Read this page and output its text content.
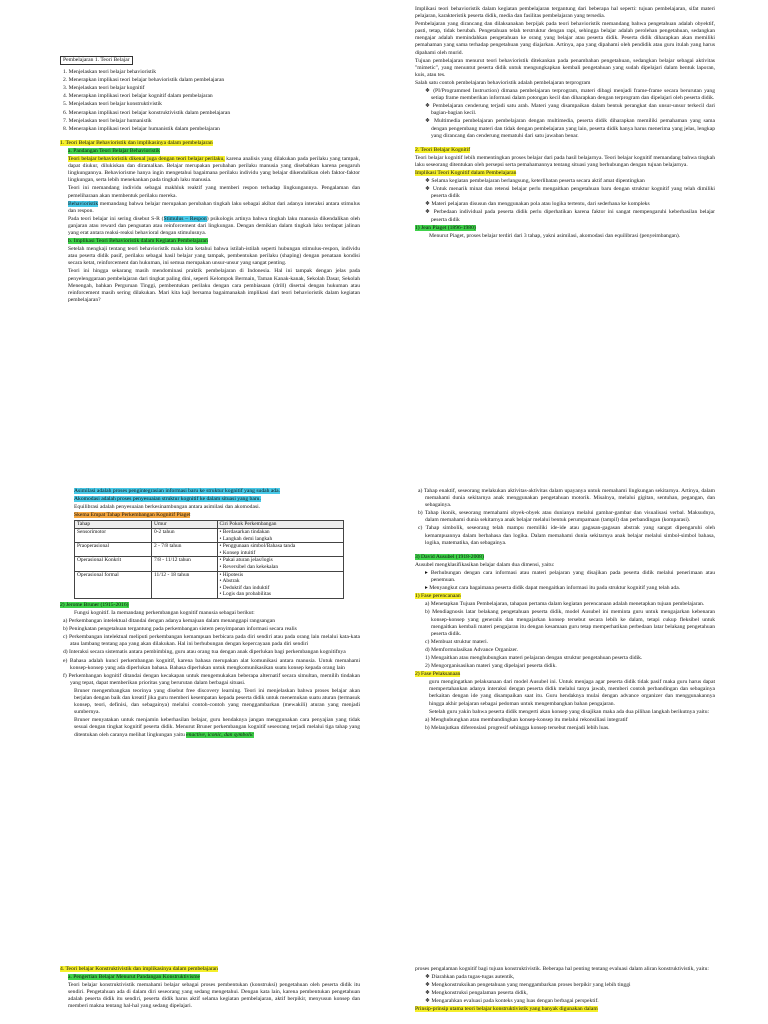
Pembelajaran 1. Teori Belajar

1. Menjelaskan teori belajar behavioristik

2. Menerapkan implikasi teori belajar behavioristik dalam pembelajaran

3. Menjelaskan teori belajar kognitif

4. Menerapkan implikasi teori belajar kognitif dalam pembelajaran

5. Menjelaskan teori belajar konstruktivistik

6. Menerapkan implikasi teori belajar konstruktivistik dalam pembelajaran

7. Menjelaskan teori belajar humanistik

8. Menerapkan implikasi teori belajar humanistik dalam pembelajaran

1. Teori Belajar Behavioristik dan implikasinya dalam pembelajaran

a. Pandangan Teori Belajar Behavioristik

Teori belajar behavioristik dikenal juga dengan teori belajar perilaku, karena analisis yang dilakukan pada perilaku yang tampak, dapat diukur, dilukiskan dan diramalkan. Belajar merupakan perubahan perilaku manusia yang disebabkan karena pengaruh lingkungannya. Behaviorisme hanya ingin mengetahui bagaimana perilaku individu yang belajar dikendalikan oleh faktor-faktor lingkungan, serta lebih menekankan pada tingkah laku manusia.

Teori ini memandang individu sebagai makhluk reaktif yang memberi respon terhadap lingkungannya. Pengalaman dan pemeliharaan akan membentuk perilaku mereka.

Behavioristik memandang bahwa belajar merupakan perubahan tingkah laku sebagai akibat dari adanya interaksi antara stimulus dan respon.

Pada teori belajar ini sering disebut S-R (Stimulus – Respon) psikologis artinya bahwa tingkah laku manusia dikendalikan oleh ganjaran atau reward dan penguatan atau reinforcement dari lingkungan. Dengan demikian dalam tingkah laku terdapat jalinan yang erat antara reaksi-reaksi behavioral dengan stimulusnya.

b. Implikasi Teori Behavioristik dalam Kegiatan Pembelajaran

Setelah mengkaji tentang teori behavioristik maka kita ketahui bahwa istilah-istilah seperti hubungan stimulus-respon, individu atau peserta didik pasif, perilaku sebagai hasil belajar yang tampak, pembentukan perilaku (shaping) dengan penataan kondisi secara ketat, reinforcement dan hukuman, ini semua merupakan unsur-unsur yang sangat penting.

Teori ini hingga sekarang masih mendominasi praktik pembelajaran di Indonesia. Hal ini tampak dengan jelas pada penyelenggaraan pembelajaran dari tingkat paling dini, seperti Kelompok Bermain, Taman Kanak-kanak, Sekolah Dasar, Sekolah Menengah, bahkan Perguruan Tinggi, pembentukan perilaku dengan cara pembiasaan (drill) disertai dengan hukuman atau reinforcement masih sering dilakukan. Mari kita kaji bersama bagaimanakah implikasi dari teori behavioristik dalam kegiatan pembelajaran?

Implikasi teori behavioristik dalam kegiatan pembelajaran tergantung dari beberapa hal seperti: tujuan pembelajaran, sifat materi pelajaran, karakteristik peserta didik, media dan fasilitas pembelajaran yang tersedia.

Pembelajaran yang dirancang dan dilaksanakan berpijak pada teori behavioristik memandang bahwa pengetahuan adalah obyektif, pasti, tetap, tidak berubah. Pengetahuan telah terstruktur dengan rapi, sehingga belajar adalah perolehan pengetahuan, sedangkan mengajar adalah memindahkan pengetahuan ke orang yang belajar atau peserta didik. Peserta didik diharapkan akan memiliki pemahaman yang sama terhadap pengetahuan yang diajarkan. Artinya, apa yang dipahami oleh pendidik atau guru itulah yang harus dipahami oleh murid.

Tujuan pembelajaran menurut teori behavioristik ditekankan pada penambahan pengetahuan, sedangkan belajar sebagai aktivitas "mimetic", yang menuntut peserta didik untuk mengungkapkan kembali pengetahuan yang sudah dipelajari dalam bentuk laporan, kuis, atau tes.

Salah satu contoh pembelajaran behavioristik adalah pembelajaran terprogram

❖ (PI/Programmed Instruction) dimana pembelajaran terprogram, materi dibagi menjadi frame-frame secara berurutan yang setiap frame memberikan informasi dalam potongan kecil dan diharapkan dengan terprogram dan dipelajari oleh peserta didik.

❖ Pembelajaran cenderung terjadi satu arah. Materi yang disampaikan dalam bentuk perangkat dan unsur-unsur terkecil dari bagian-bagian kecil.

❖ Multimedia pembelajaran pembelajaran dengan multimedia, peserta didik diharapkan memiliki pemahaman yang sama dengan pengembang materi dan tidak dengan pembelajaran yang lain, peserta didik hanya harus menerima yang jelas, lengkap yang dirancang dan cenderung mematuhi dari satu jawaban benar.

2. Teori Belajar Kognitif

Teori belajar kognitif lebih mementingkan proses belajar dari pada hasil belajarnya. Teori belajar kognitif memandang bahwa tingkah laku seseorang ditentukan oleh persepsi serta pemahamannya tentang situasi yang berhubungan dengan tujuan belajarnya.

Implikasi Teori Kognitif dalam Pembelajaran

❖ Selama kegiatan pembelajaran berlangsung, keterlibatan peserta secara aktif amat dipentingkan

❖ Untuk menarik minat dan retensi belajar perlu mengaitkan pengetahuan baru dengan struktur kognitif yang telah dimiliki peserta didik

❖ Materi pelajaran disusun dan menggunakan pola atau logika tertentu, dari sederhana ke kompleks

❖ Perbedaan individual pada peserta didik perlu diperhatikan karena faktor ini sangat mempengaruhi keberhasilan belajar peserta didik

1) Jean Piaget (1896-1980)

Menurut Piaget, proses belajar terdiri dari 3 tahap, yakni asimilasi, akomodasi dan equilibrasi (penyeimbangan).

Asimilasi adalah proses pengintegrasian informasi baru ke struktur kognitif yang sudah ada.

Akomodasi adalah proses penyesuaian struktur kognitif ke dalam situasi yang baru.

Equilibrasi adalah penyesuaian berkesinambungan antara asimilasi dan akomodasi.

Skema Empat Tahap Perkembangan Kognitif Piaget
Tahap	Umur	Ciri Pokok Perkembangan
Sensorimotor	0-2 tahun	• Berdasarkan tindakan
• Langkah demi langkah

Praoperasional	2 - 7/8 tahun	• Penggunaan simbol/Bahasa tanda
• Konsep intuitif

Operasional Konkrit	7/8 - 11/12 tahun	• Pakai aturan jelas/logis
• Reversibel dan kekekalan

Operasional formal	11/12 - 18 tahun	• Hipotesis
• Abstrak
• Deduktif dan induktif
• Logis dan probabilitas

2) Jerome Bruner (1915-2016)

Fungsi kognitif. Ia memandang perkembangan kognitif manusia sebagai berikut:

a) Perkembangan intelektual ditandai dengan adanya kemajuan dalam menanggapi rangsangan

b) Peningkatan pengetahuan tergantung pada perkembangan sistem penyimpanan informasi secara realis

c) Perkembangan intelektual meliputi perkembangan kemampuan berbicara pada diri sendiri atau pada orang lain melalui kata-kata atau lambang tentang apa yang akan dilakukan. Hal ini berhubungan dengan kepercayaan pada diri sendiri

d) Interaksi secara sistematis antara pembimbing, guru atau orang tua dengan anak diperlukan bagi perkembangan kognitifnya

e) Bahasa adalah kunci perkembangan kognitif, karena bahasa merupakan alat komunikasi antara manusia. Untuk memahami konsep-konsep yang ada diperlukan bahasa. Bahasa diperlukan untuk mengkomunikasikan suatu konsep kepada orang lain

f) Perkembangan kognitif ditandai dengan kecakapan untuk mengemukakan beberapa alternatif secara simultan, memilih tindakan yang tepat, dapat memberikan prioritas yang berurutan dalam berbagai situasi.

Bruner mengembangkan teorinya yang disebut free discovery learning. Teori ini menjelaskan bahwa proses belajar akan berjalan dengan baik dan kreatif jika guru memberi kesempatan kepada peserta didik untuk menemukan suatu aturan (termasuk konsep, teori, definisi, dan sebagainya) melalui contoh-contoh yang menggambarkan (mewakili) aturan yang menjadi sumbernya.

Bruner menyatakan untuk menjamin keberhasilan belajar, guru hendaknya jangan menggunakan cara penyajian yang tidak sesuai dengan tingkat kognitif peserta didik. Menurut Bruner perkembangan kognitif seseorang terjadi melalui tiga tahap yang ditentukan oleh caranya melihat lingkungan yaitu enactive, iconic, dan symbolic

a) Tahap enaktif, seseorang melakukan aktivitas-aktivitas dalam upayanya untuk memahami lingkungan sekitarnya. Artinya, dalam memahami dunia sekitarnya anak menggunakan pengetahuan motorik. Misalnya, melalui gigitan, sentuhan, pegangan, dan sebagainya.

b) Tahap ikonik, seseorang memahami obyek-obyek atau dunianya melalui gambar-gambar dan visualisasi verbal. Maksudnya, dalam memahami dunia sekitarnya anak belajar melalui bentuk perumpamaan (tampil) dan perbandingan (komparasi).

c) Tahap simbolik, seseorang telah mampu memiliki ide-ide atau gagasan-gagasan abstrak yang sangat dipengaruhi oleh kemampuannya dalam berbahasa dan logika. Dalam memahami dunia sekitarnya anak belajar melalui simbol-simbol bahasa, logika, matematika, dan sebagainya.

3) David Ausubel (1918-2008)

Ausubel mengklasifikasikan belajar dalam dua dimensi, yaitu:

▸ Berhubungan dengan cara informasi atau materi pelajaran yang disajikan pada peserta didik melalui penerimaan atau penemuan.

▸ Menyangkut cara bagaimana peserta didik dapat mengaitkan informasi itu pada struktur kognitif yang telah ada.

1) Fase perencanaan

a) Menetapkan Tujuan Pembelajaran, tahapan pertama dalam kegiatan perencanaan adalah menetapkan tujuan pembelajaran.

b) Mendiagnosis latar belakang pengetahuan peserta didik, model Ausubel ini meminta guru untuk mengajarkan kebenaran konsep-konsep yang generalis dan mengajarkan konsep tersebut secara lebih ke dalam, tetapi cukup fleksibel untuk mengaitkan kembali materi pengajaran itu dengan kesamaan guru tetap memperhatikan perbedaan latar belakang pengetahuan peserta didik.

c) Membuat struktur materi.

d) Memformulasikan Advance Organizer.

1) Mengaitkan atau menghubungkan materi pelajaran dengan struktur pengetahuan peserta didik.

2) Mengorganisasikan materi yang dipelajari peserta didik.

2) Fase Pelaksanaan

guru mengingatkan pelaksanaan dari model Ausubel ini. Untuk menjaga agar peserta didik tidak pasif maka guru harus dapat mempertahankan adanya interaksi dengan peserta didik melalui tanya jawab, memberi contoh perbandingan dan sebagainya berkaitan dengan ide yang disampaikan saat itu. Guru hendaknya mulai dengan advance organizer dan menggunakannya hingga akhir pelajaran sebagai pedoman untuk mengembangkan bahan pengajaran.

Setelah guru yakin bahwa peserta didik mengerti akan konsep yang disajikan maka ada dua pilihan langkah berikutnya yaitu:

a) Menghubungkan atau membandingkan konsep-konsep itu melalui rekonsiliasi integratif

b) Melanjutkan diferensiasi progresif sehingga konsep tersebut menjadi lebih luas.

4. Teori belajar Konstruktivistik dan implikasinya dalam pembelajaran

a. Pengertian Belajar Menurut Pandangan Konstruktivisme

Teori belajar konstruktivistik memahami belajar sebagai proses pembentukan (konstruksi) pengetahuan oleh peserta didik itu sendiri. Pengetahuan ada di dalam diri seseorang yang sedang mengetahui. Dengan kata lain, karena pembentukan pengetahuan adalah peserta didik itu sendiri, peserta didik harus aktif selama kegiatan pembelajaran, aktif berpikir, menyusun konsep dan memberi makna tentang hal-hal yang sedang dipelajari.

proses pengalaman kognitif bagi tujuan konstruktivistik. Beberapa hal penting tentang evaluasi dalam aliran konstruktivistik, yaitu:

❖ Diarahkan pada tugas-tugas autentik,

❖ Mengkonstruksikan pengetahuan yang menggambarkan proses berpikir yang lebih tinggi

❖ Mengkonstruksi pengalaman peserta didik,

❖ Mengarahkan evaluasi pada konteks yang luas dengan berbagai perspektif.

Prinsip-prinsip utama teori belajar konstruktivistik yang banyak digunakan dalam
